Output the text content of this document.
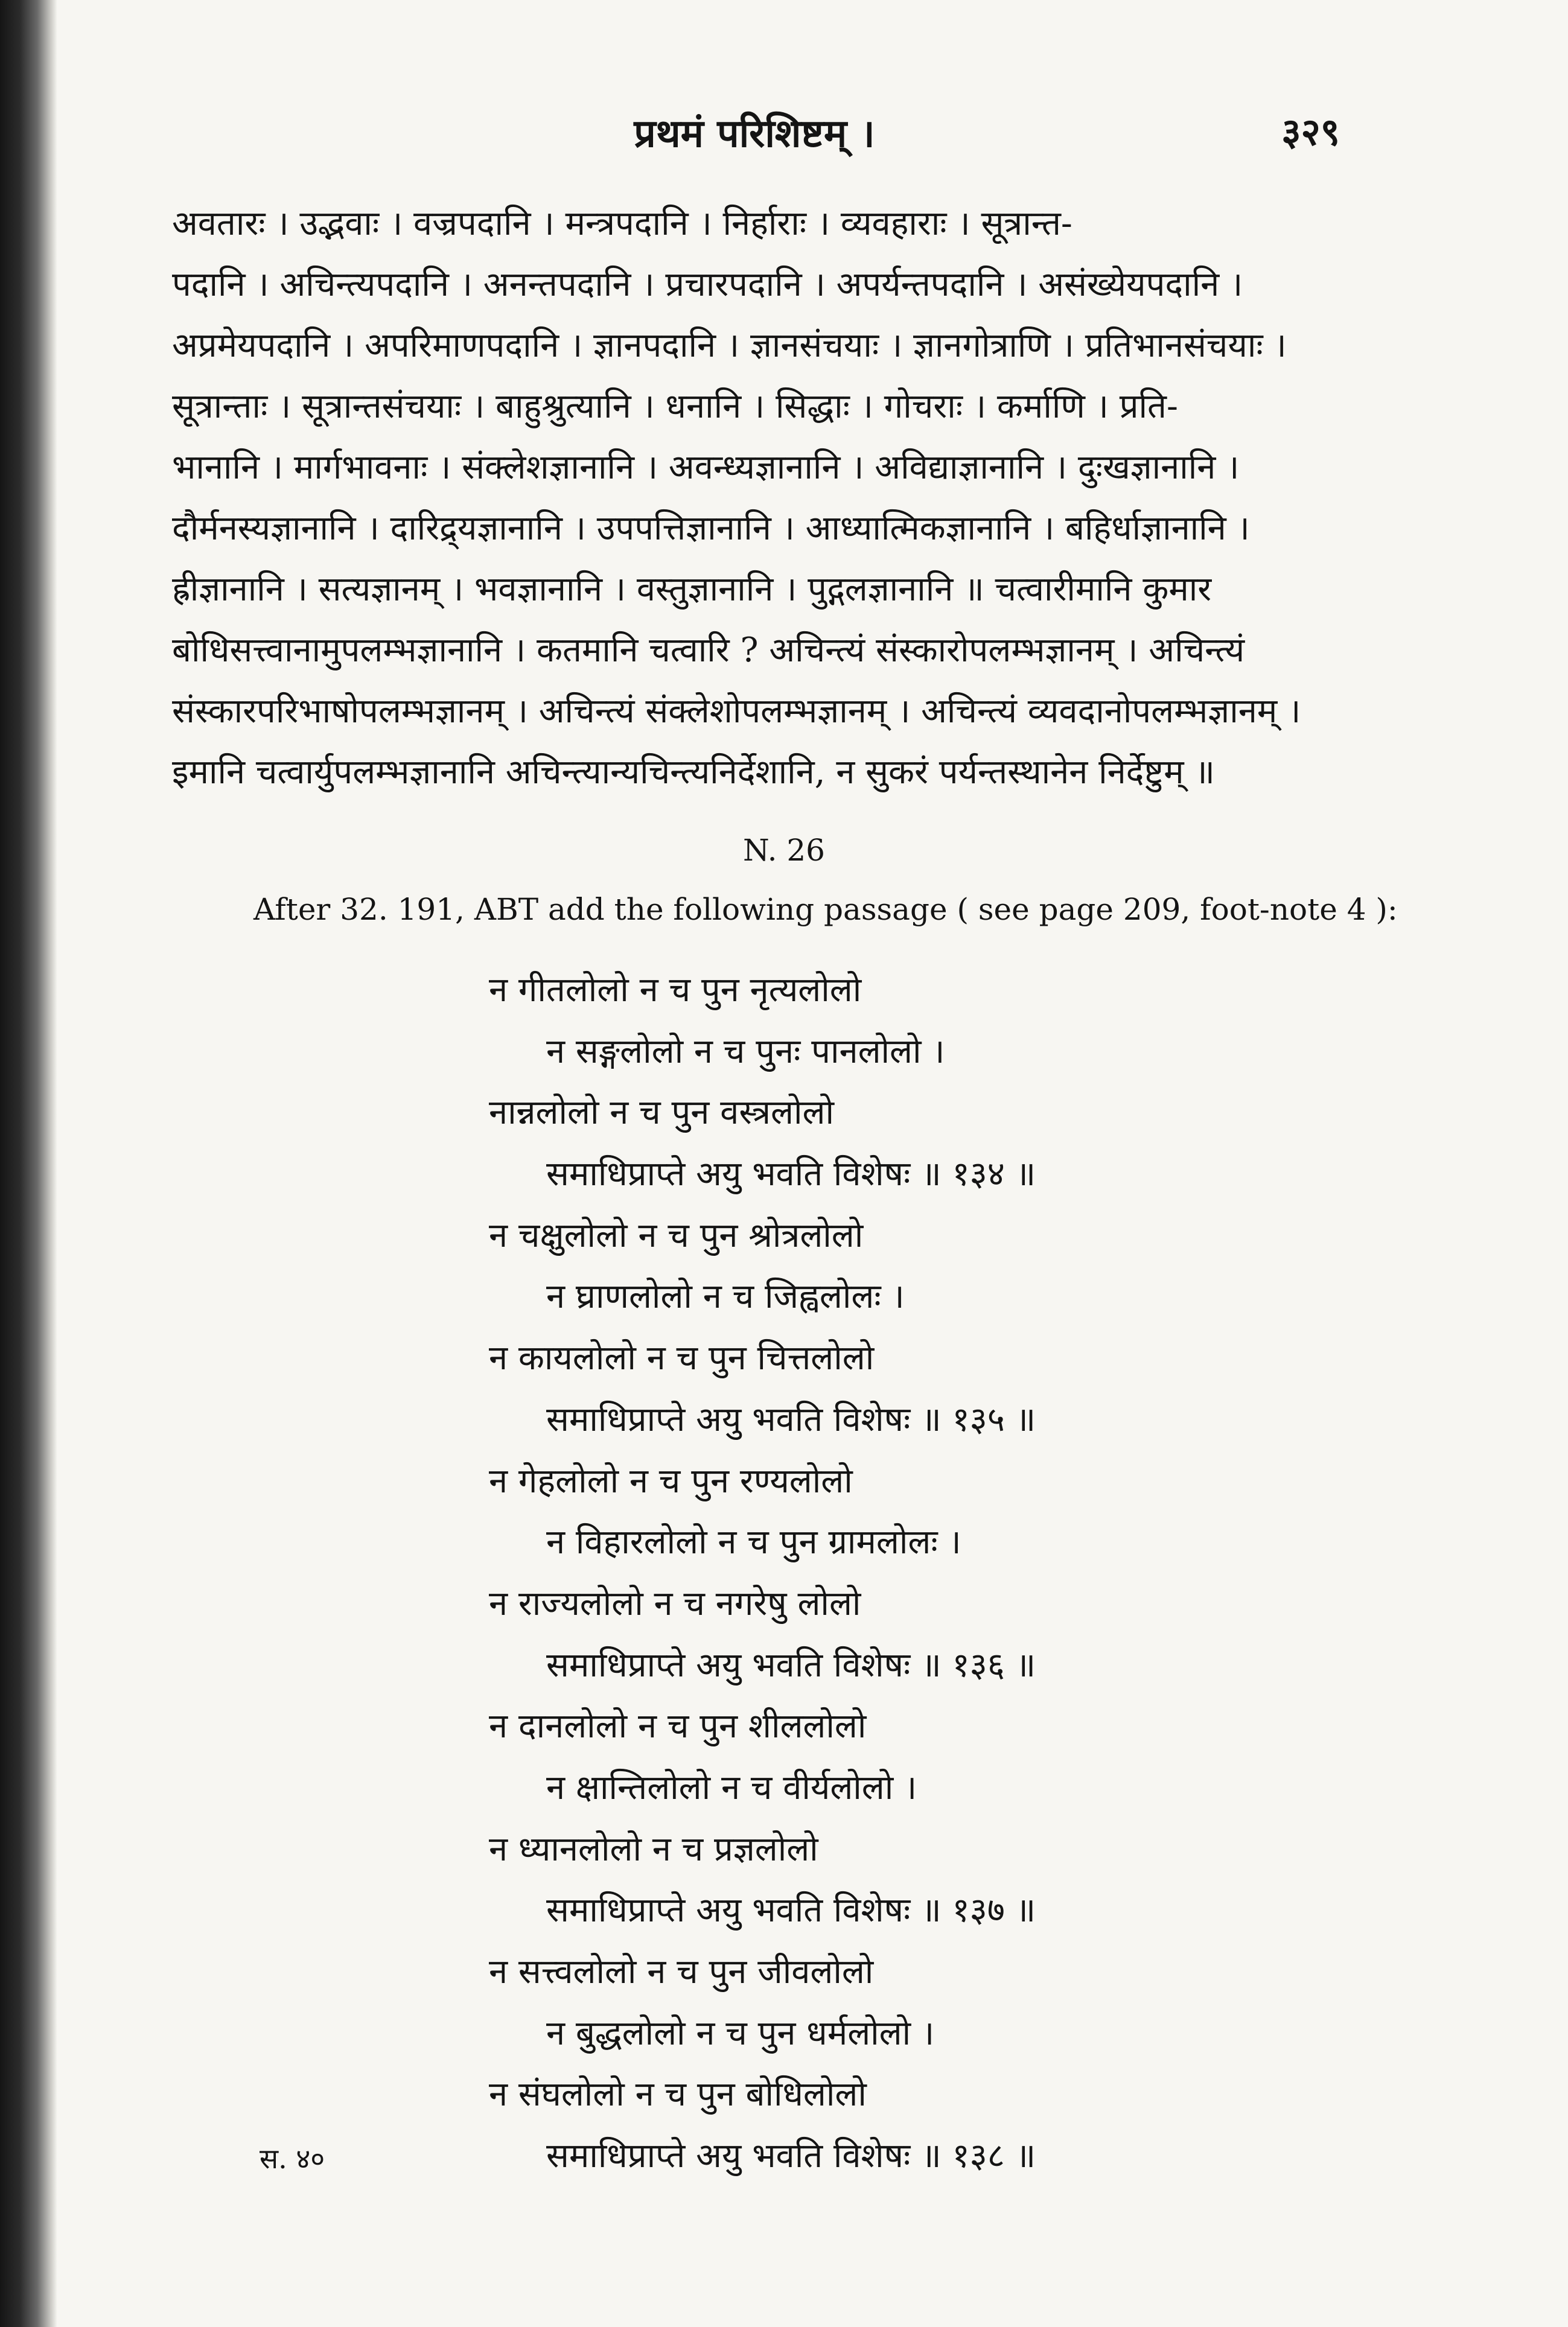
प्रथमं परिशिष्टम् ।	३२९
अवतारः । उद्भवाः । वज्रपदानि । मन्त्रपदानि । निर्हाराः । व्यवहाराः । सूत्रान्त-
पदानि । अचिन्त्यपदानि । अनन्तपदानि । प्रचारपदानि । अपर्यन्तपदानि । असंख्येयपदानि ।
अप्रमेयपदानि । अपरिमाणपदानि । ज्ञानपदानि । ज्ञानसंचयाः । ज्ञानगोत्राणि । प्रतिभानसंचयाः ।
सूत्रान्ताः । सूत्रान्तसंचयाः । बाहुश्रुत्यानि । धनानि । सिद्धाः । गोचराः । कर्माणि । प्रति-
भानानि । मार्गभावनाः । संक्लेशज्ञानानि । अवन्ध्यज्ञानानि । अविद्याज्ञानानि । दुःखज्ञानानि ।
दौर्मनस्यज्ञानानि । दारिद्र्यज्ञानानि । उपपत्तिज्ञानानि । आध्यात्मिकज्ञानानि । बहिर्धाज्ञानानि ।
ह्रीज्ञानानि । सत्यज्ञानम् । भवज्ञानानि । वस्तुज्ञानानि । पुद्गलज्ञानानि ॥ चत्वारीमानि कुमार
बोधिसत्त्वानामुपलम्भज्ञानानि । कतमानि चत्वारि ? अचिन्त्यं संस्कारोपलम्भज्ञानम् । अचिन्त्यं
संस्कारपरिभाषोपलम्भज्ञानम् । अचिन्त्यं संक्लेशोपलम्भज्ञानम् । अचिन्त्यं व्यवदानोपलम्भज्ञानम् ।
इमानि चत्वार्युपलम्भज्ञानानि अचिन्त्यान्यचिन्त्यनिर्देशानि, न सुकरं पर्यन्तस्थानेन निर्देष्टुम् ॥
N. 26
After 32. 191, ABT add the following passage ( see page 209, foot-note 4 ):
न गीतलोलो न च पुन नृत्यलोलो
न सङ्गलोलो न च पुनः पानलोलो ।
नान्नलोलो न च पुन वस्त्रलोलो
समाधिप्राप्ते अयु भवति विशेषः ॥ १३४ ॥
न चक्षुलोलो न च पुन श्रोत्रलोलो
न घ्राणलोलो न च जिह्वलोलः ।
न कायलोलो न च पुन चित्तलोलो
समाधिप्राप्ते अयु भवति विशेषः ॥ १३५ ॥
न गेहलोलो न च पुन रण्यलोलो
न विहारलोलो न च पुन ग्रामलोलः ।
न राज्यलोलो न च नगरेषु लोलो
समाधिप्राप्ते अयु भवति विशेषः ॥ १३६ ॥
न दानलोलो न च पुन शीललोलो
न क्षान्तिलोलो न च वीर्यलोलो ।
न ध्यानलोलो न च प्रज्ञलोलो
समाधिप्राप्ते अयु भवति विशेषः ॥ १३७ ॥
न सत्त्वलोलो न च पुन जीवलोलो
न बुद्धलोलो न च पुन धर्मलोलो ।
न संघलोलो न च पुन बोधिलोलो
समाधिप्राप्ते अयु भवति विशेषः ॥ १३८ ॥
स. ४०
